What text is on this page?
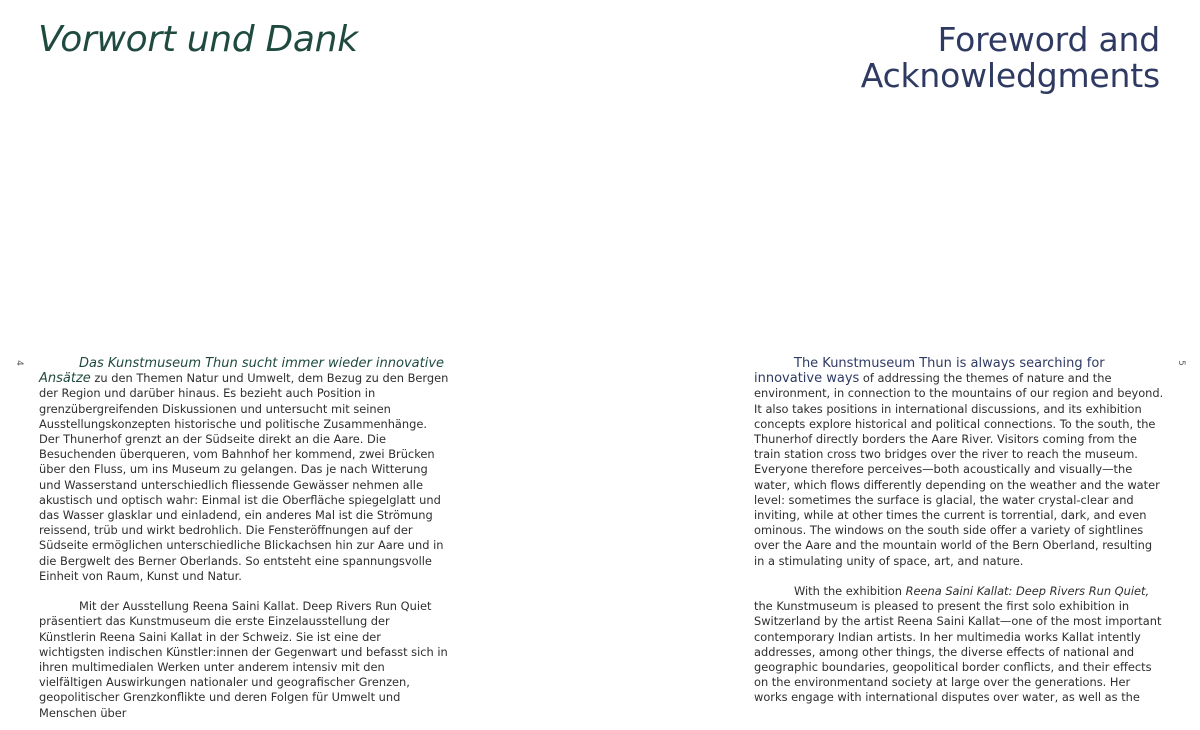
Vorwort und Dank	Foreword and
Acknowledgments
4	5

Das Kunstmuseum Thun sucht immer wieder innovative Ansätze zu den Themen Natur und Umwelt, dem Bezug zu den Bergen der Region und darüber hinaus. Es bezieht auch Position in grenzübergreifenden Diskussionen und untersucht mit seinen Ausstellungskonzepten historische und politische Zusammenhänge. Der Thunerhof grenzt an der Südseite direkt an die Aare. Die Besuchenden überqueren, vom Bahnhof her kommend, zwei Brücken über den Fluss, um ins Museum zu gelangen. Das je nach Witterung und Wasserstand unterschiedlich fliessende Gewässer nehmen alle akustisch und optisch wahr: Einmal ist die Oberfläche spiegelglatt und das Wasser glasklar und einladend, ein anderes Mal ist die Strömung reissend, trüb und wirkt bedrohlich. Die Fensteröffnungen auf der Südseite ermöglichen unterschiedliche Blickachsen hin zur Aare und in die Bergwelt des Berner Oberlands. So entsteht eine spannungsvolle Einheit von Raum, Kunst und Natur.

Mit der Ausstellung Reena Saini Kallat. Deep Rivers Run Quiet präsentiert das Kunstmuseum die erste Einzelausstellung der Künstlerin Reena Saini Kallat in der Schweiz. Sie ist eine der wichtigsten indischen Künstler:innen der Gegenwart und befasst sich in ihren multimedialen Werken unter anderem intensiv mit den vielfältigen Auswirkungen nationaler und geografischer Grenzen, geopolitischer Grenzkonflikte und deren Folgen für Umwelt und Menschen über

The Kunstmuseum Thun is always searching for innovative ways of addressing the themes of nature and the environment, in connection to the mountains of our region and beyond. It also takes positions in international discussions, and its exhibition concepts explore historical and political connections. To the south, the Thunerhof directly borders the Aare River. Visitors coming from the train station cross two bridges over the river to reach the museum. Everyone therefore perceives—both acoustically and visually—the water, which flows differently depending on the weather and the water level: sometimes the surface is glacial, the water crystal-clear and inviting, while at other times the current is torrential, dark, and even ominous. The windows on the south side offer a variety of sightlines over the Aare and the mountain world of the Bern Oberland, resulting in a stimulating unity of space, art, and nature.

With the exhibition Reena Saini Kallat: Deep Rivers Run Quiet, the Kunstmuseum is pleased to present the first solo exhibition in Switzerland by the artist Reena Saini Kallat—one of the most important contemporary Indian artists. In her multimedia works Kallat intently addresses, among other things, the diverse effects of national and geographic boundaries, geopolitical border conflicts, and their effects on the environmentand society at large over the generations. Her works engage with international disputes over water, as well as the
